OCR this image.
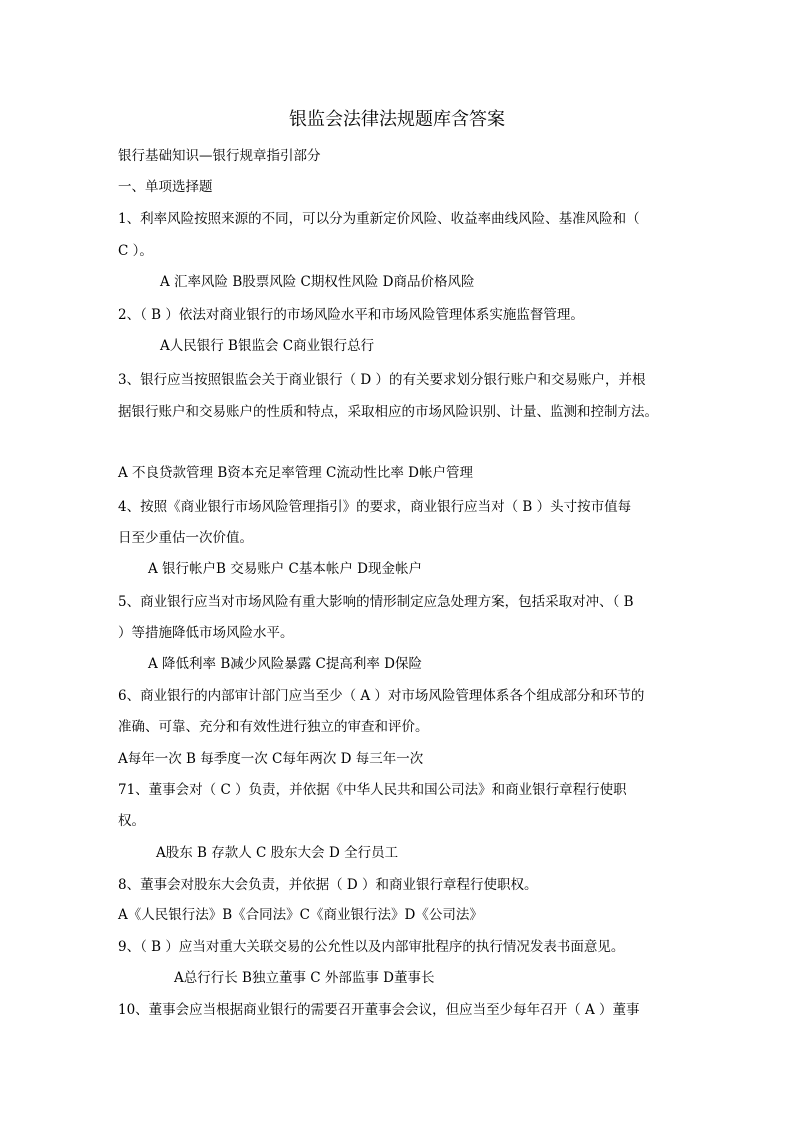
银监会法律法规题库含答案
银行基础知识—银行规章指引部分
一、单项选择题
1、利率风险按照来源的不同，可以分为重新定价风险、收益率曲线风险、基准风险和（
C ）。
A 汇率风险 B股票风险 C期权性风险 D商品价格风险
2、（ B ）依法对商业银行的市场风险水平和市场风险管理体系实施监督管理。
A人民银行 B银监会 C商业银行总行
3、银行应当按照银监会关于商业银行（ D ）的有关要求划分银行账户和交易账户，并根
据银行账户和交易账户的性质和特点，采取相应的市场风险识别、计量、监测和控制方法。
A 不良贷款管理 B资本充足率管理 C流动性比率 D帐户管理
4、按照《商业银行市场风险管理指引》的要求，商业银行应当对（ B ）头寸按市值每
日至少重估一次价值。
A 银行帐户B 交易账户 C基本帐户 D现金帐户
5、商业银行应当对市场风险有重大影响的情形制定应急处理方案，包括采取对冲、（ B
）等措施降低市场风险水平。
A 降低利率 B减少风险暴露 C提高利率 D保险
6、商业银行的内部审计部门应当至少（ A ）对市场风险管理体系各个组成部分和环节的
准确、可靠、充分和有效性进行独立的审查和评价。
A每年一次 B 每季度一次 C每年两次 D 每三年一次
71、董事会对（ C ）负责，并依据《中华人民共和国公司法》和商业银行章程行使职
权。
A股东 B 存款人 C 股东大会 D 全行员工
8、董事会对股东大会负责，并依据（ D ）和商业银行章程行使职权。
A《人民银行法》B《合同法》C《商业银行法》D《公司法》
9、（ B ）应当对重大关联交易的公允性以及内部审批程序的执行情况发表书面意见。
A总行行长 B独立董事 C 外部监事 D董事长
10、董事会应当根据商业银行的需要召开董事会会议，但应当至少每年召开（ A ）董事
